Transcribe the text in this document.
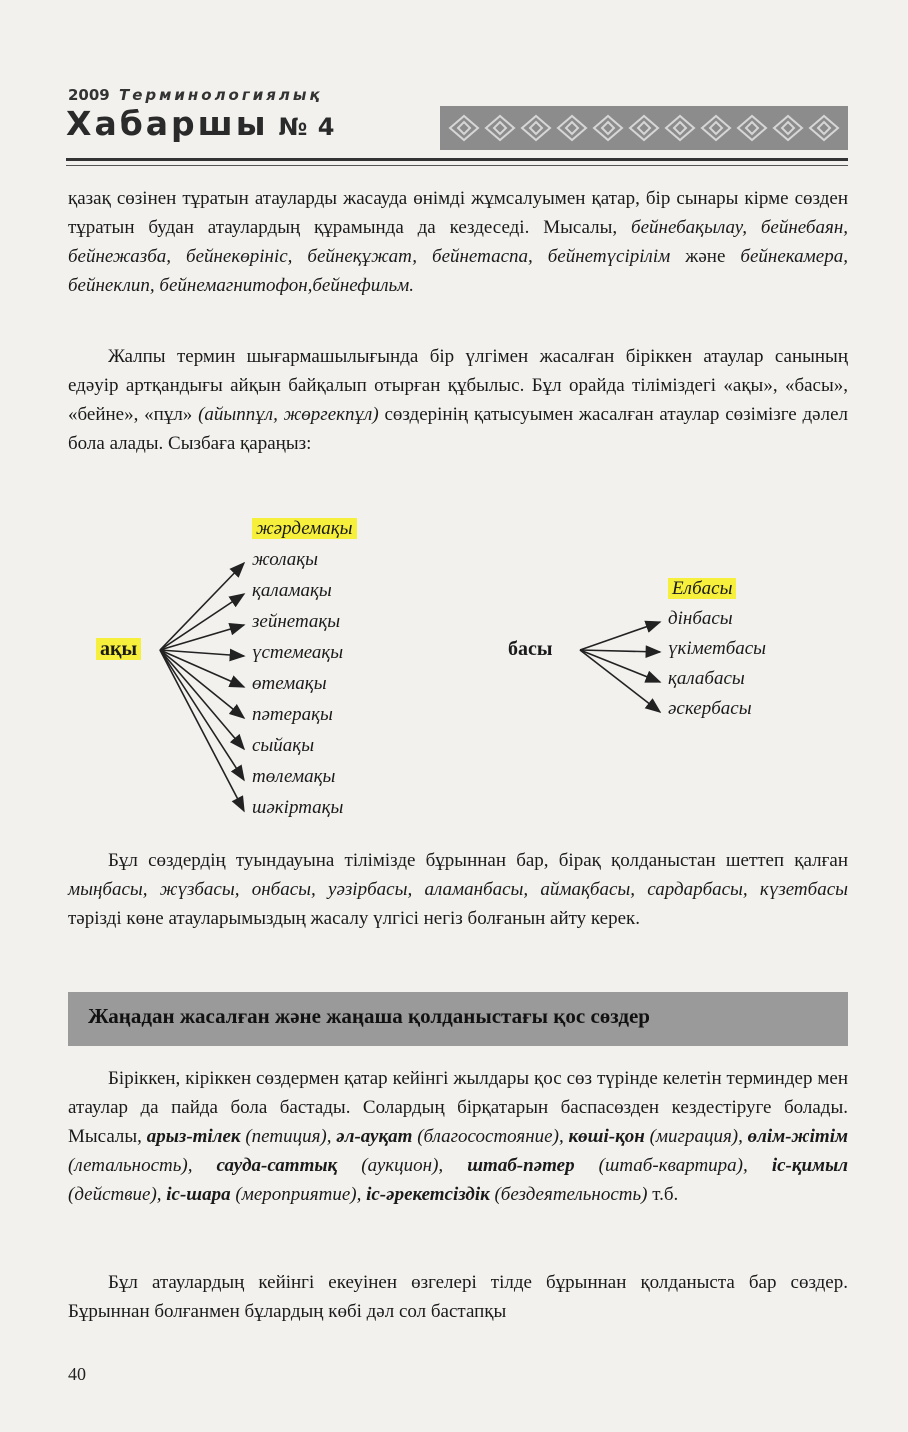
2009 Терминологиялық
Хабаршы № 4

қазақ сөзінен тұратын атауларды жасауда өнімді жұмсалуымен қатар, бір сынары кірме сөзден тұратын будан атаулардың құрамында да кездеседі. Мысалы, бейнебақылау, бейнебаян, бейнежазба, бейнекөрініс, бейнеқұжат, бейнетаспа, бейнетүсірілім және бейнекамера, бейнеклип, бейнемагнитофон,бейнефильм.

Жалпы термин шығармашылығында бір үлгімен жасалған біріккен атаулар санының едәуір артқандығы айқын байқалып отырған құбылыс. Бұл орайда тіліміздегі «ақы», «басы», «бейне», «пұл» (айыппұл, жөргекпұл) сөздерінің қатысуымен жасалған атаулар сөзімізге дәлел бола алады. Сызбаға қараңыз:

ақы
жәрдемақы
жолақы
қаламақы
зейнетақы
үстемеақы
өтемақы
пәтерақы
сыйақы
төлемақы
шәкіртақы
басы
Елбасы
дінбасы
үкіметбасы
қалабасы
әскербасы

Бұл сөздердің туындауына тілімізде бұрыннан бар, бірақ қолданыстан шеттеп қалған мыңбасы, жүзбасы, онбасы, уәзірбасы, аламанбасы, аймақбасы, сардарбасы, күзетбасы тәрізді көне атауларымыздың жасалу үлгісі негіз болғанын айту керек.

Жаңадан жасалған және жаңаша қолданыстағы қос сөздер

Біріккен, кіріккен сөздермен қатар кейінгі жылдары қос сөз түрінде келетін терминдер мен атаулар да пайда бола бастады. Солардың бірқатарын баспасөзден кездестіруге болады. Мысалы, арыз-тілек (петиция), әл-ауқат (благосостояние), көші-қон (миграция), өлім-жітім (летальность), сауда-саттық (аукцион), штаб-пәтер (штаб-квартира), іс-қимыл (действие), іс-шара (мероприятие), іс-әрекетсіздік (бездеятельность) т.б.

Бұл атаулардың кейінгі екеуінен өзгелері тілде бұрыннан қолданыста бар сөздер. Бұрыннан болғанмен бұлардың көбі дәл сол бастапқы

40
